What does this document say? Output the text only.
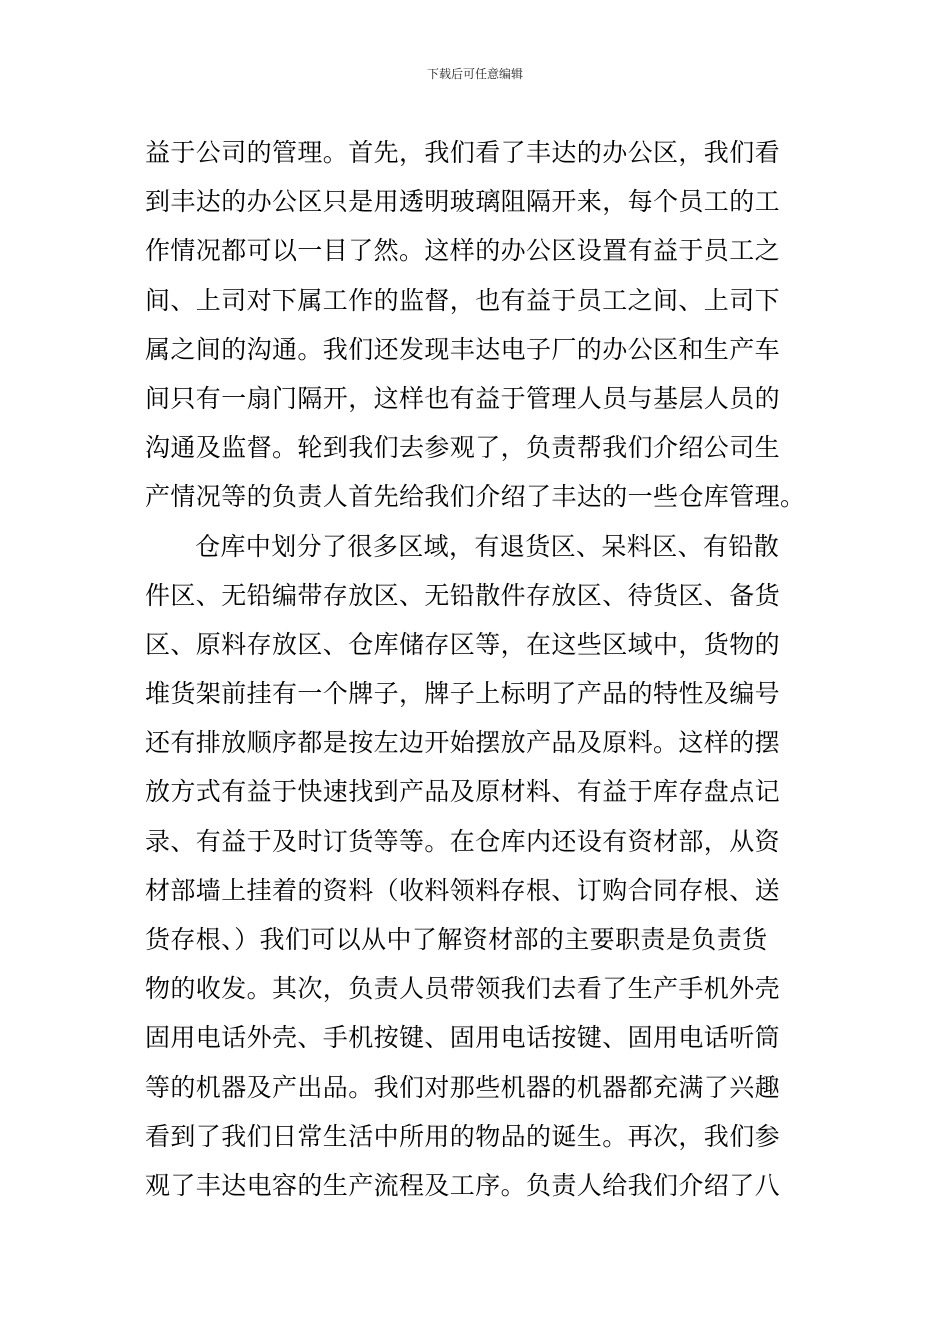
下载后可任意编辑
益于公司的管理。首先，我们看了丰达的办公区，我们看
到丰达的办公区只是用透明玻璃阻隔开来，每个员工的工
作情况都可以一目了然。这样的办公区设置有益于员工之
间、上司对下属工作的监督，也有益于员工之间、上司下
属之间的沟通。我们还发现丰达电子厂的办公区和生产车
间只有一扇门隔开，这样也有益于管理人员与基层人员的
沟通及监督。轮到我们去参观了，负责帮我们介绍公司生
产情况等的负责人首先给我们介绍了丰达的一些仓库管理。
仓库中划分了很多区域，有退货区、呆料区、有铅散
件区、无铅编带存放区、无铅散件存放区、待货区、备货
区、原料存放区、仓库储存区等，在这些区域中，货物的
堆货架前挂有一个牌子，牌子上标明了产品的特性及编号
还有排放顺序都是按左边开始摆放产品及原料。这样的摆
放方式有益于快速找到产品及原材料、有益于库存盘点记
录、有益于及时订货等等。在仓库内还设有资材部，从资
材部墙上挂着的资料（收料领料存根、订购合同存根、送
货存根、）我们可以从中了解资材部的主要职责是负责货
物的收发。其次，负责人员带领我们去看了生产手机外壳
固用电话外壳、手机按键、固用电话按键、固用电话听筒
等的机器及产出品。我们对那些机器的机器都充满了兴趣
看到了我们日常生活中所用的物品的诞生。再次，我们参
观了丰达电容的生产流程及工序。负责人给我们介绍了八
